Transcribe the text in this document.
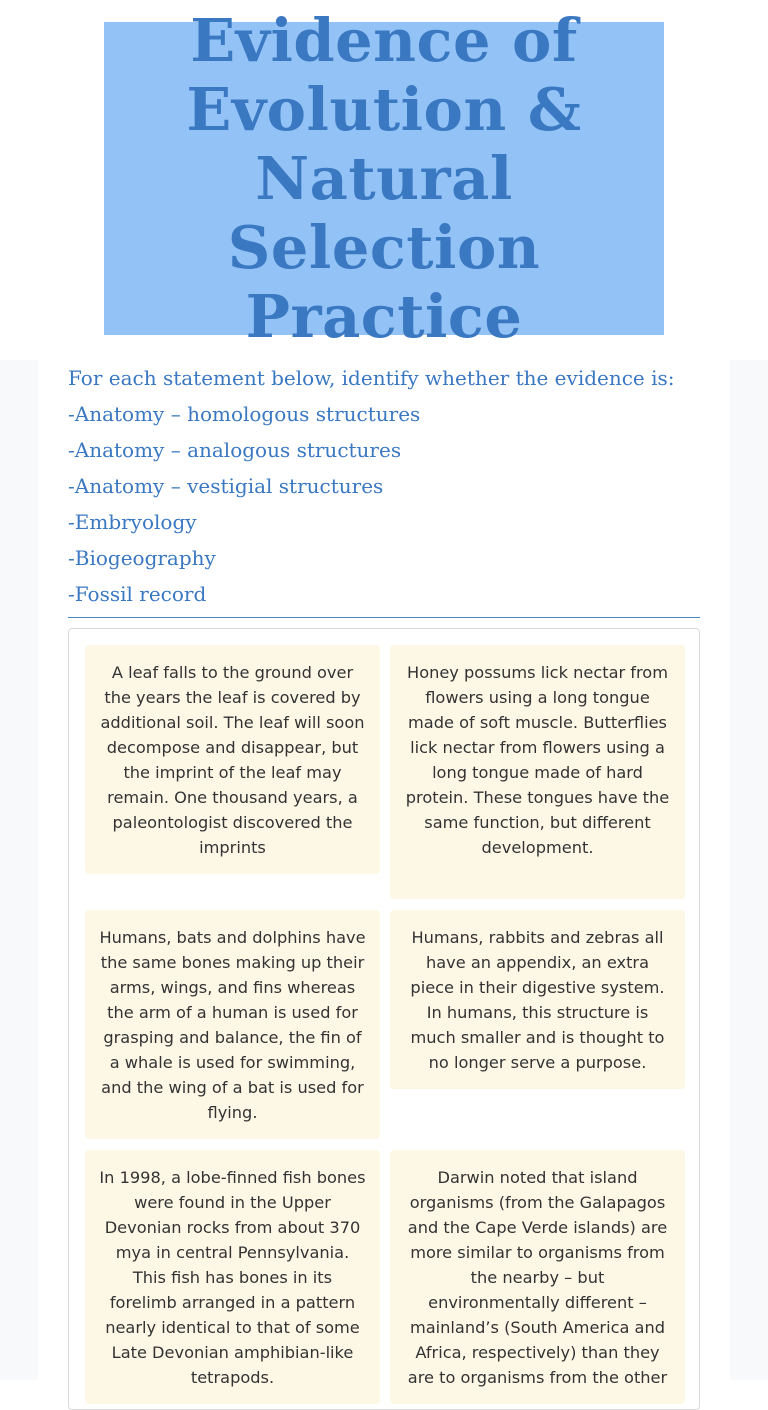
Evidence of Evolution & Natural Selection Practice
For each statement below, identify whether the evidence is:
-Anatomy – homologous structures
-Anatomy – analogous structures
-Anatomy – vestigial structures
-Embryology
-Biogeography
-Fossil record
A leaf falls to the ground over the years the leaf is covered by additional soil. The leaf will soon decompose and disappear, but the imprint of the leaf may remain. One thousand years, a paleontologist discovered the imprints
Honey possums lick nectar from flowers using a long tongue made of soft muscle. Butterflies lick nectar from flowers using a long tongue made of hard protein. These tongues have the same function, but different development.
Humans, bats and dolphins have the same bones making up their arms, wings, and fins whereas the arm of a human is used for grasping and balance, the fin of a whale is used for swimming, and the wing of a bat is used for flying.
Humans, rabbits and zebras all have an appendix, an extra piece in their digestive system. In humans, this structure is much smaller and is thought to no longer serve a purpose.
In 1998, a lobe-finned fish bones were found in the Upper Devonian rocks from about 370 mya in central Pennsylvania. This fish has bones in its forelimb arranged in a pattern nearly identical to that of some Late Devonian amphibian-like tetrapods.
Darwin noted that island organisms (from the Galapagos and the Cape Verde islands) are more similar to organisms from the nearby – but environmentally different – mainland’s (South America and Africa, respectively) than they are to organisms from the other
